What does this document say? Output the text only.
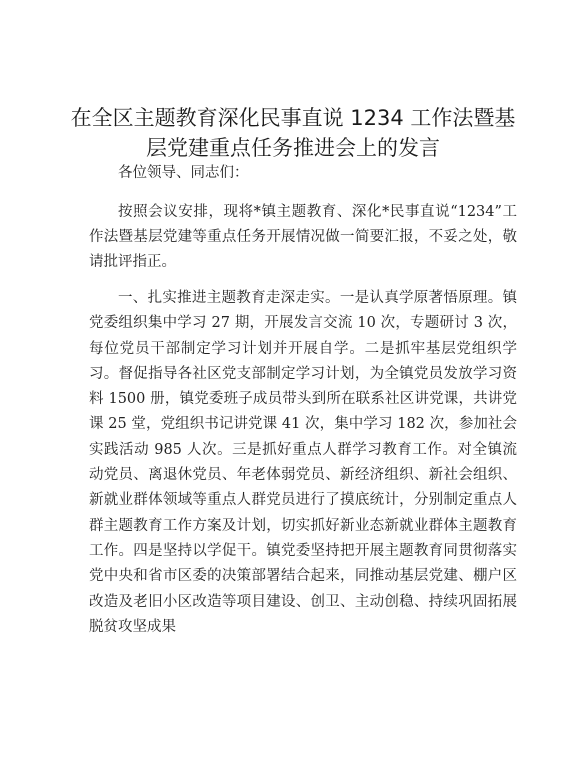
在全区主题教育深化民事直说 1234 工作法暨基
层党建重点任务推进会上的发言

各位领导、同志们：

按照会议安排，现将*镇主题教育、深化*民事直说“1234”工作法暨基层党建等重点任务开展情况做一简要汇报，不妥之处，敬请批评指正。

一、扎实推进主题教育走深走实。一是认真学原著悟原理。镇党委组织集中学习 27 期，开展发言交流 10 次，专题研讨 3 次，每位党员干部制定学习计划并开展自学。二是抓牢基层党组织学习。督促指导各社区党支部制定学习计划，为全镇党员发放学习资料 1500 册，镇党委班子成员带头到所在联系社区讲党课，共讲党课 25 堂，党组织书记讲党课 41 次，集中学习 182 次，参加社会实践活动 985 人次。三是抓好重点人群学习教育工作。对全镇流动党员、离退休党员、年老体弱党员、新经济组织、新社会组织、新就业群体领域等重点人群党员进行了摸底统计，分别制定重点人群主题教育工作方案及计划，切实抓好新业态新就业群体主题教育工作。四是坚持以学促干。镇党委坚持把开展主题教育同贯彻落实党中央和省市区委的决策部署结合起来，同推动基层党建、棚户区改造及老旧小区改造等项目建设、创卫、主动创稳、持续巩固拓展脱贫攻坚成果
